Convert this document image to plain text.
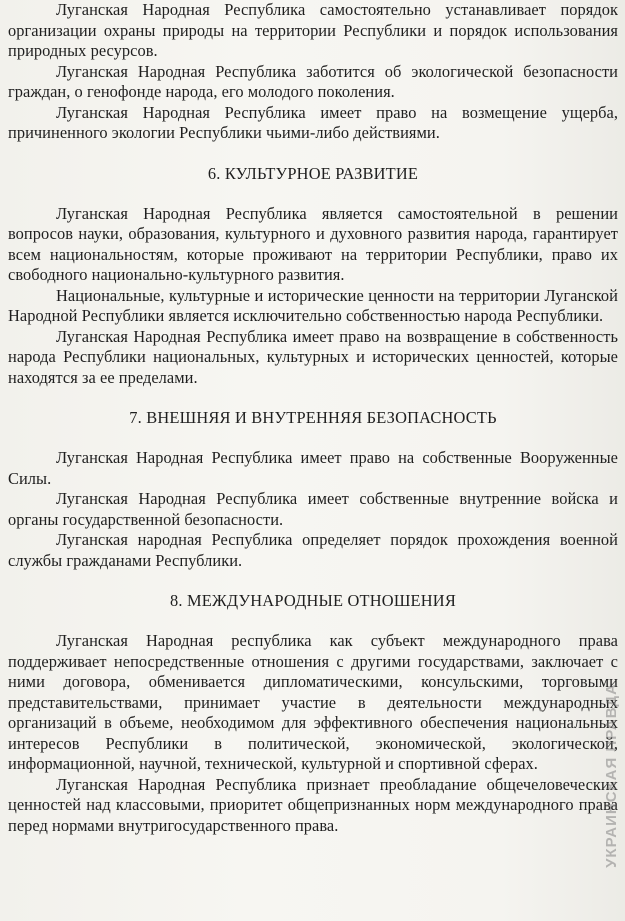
Луганская Народная Республика самостоятельно устанавливает порядок организации охраны природы на территории Республики и порядок использования природных ресурсов.

Луганская Народная Республика заботится об экологической безопасности граждан, о генофонде народа, его молодого поколения.

Луганская Народная Республика имеет право на возмещение ущерба, причиненного экологии Республики чьими-либо действиями.

6. КУЛЬТУРНОЕ РАЗВИТИЕ

Луганская Народная Республика является самостоятельной в решении вопросов науки, образования, культурного и духовного развития народа, гарантирует всем национальностям, которые проживают на территории Республики, право их свободного национально-культурного развития.

Национальные, культурные и исторические ценности на территории Луганской Народной Республики является исключительно собственностью народа Республики.

Луганская Народная Республика имеет право на возвращение в собственность народа Республики национальных, культурных и исторических ценностей, которые находятся за ее пределами.

7. ВНЕШНЯЯ И ВНУТРЕННЯЯ БЕЗОПАСНОСТЬ

Луганская Народная Республика имеет право на собственные Вооруженные Силы.

Луганская Народная Республика имеет собственные внутренние войска и органы государственной безопасности.

Луганская народная Республика определяет порядок прохождения военной службы гражданами Республики.

8. МЕЖДУНАРОДНЫЕ ОТНОШЕНИЯ

Луганская Народная республика как субъект международного права поддерживает непосредственные отношения с другими государствами, заключает с ними договора, обменивается дипломатическими, консульскими, торговыми представительствами, принимает участие в деятельности международных организаций в объеме, необходимом для эффективного обеспечения национальных интересов Республики в политической, экономической, экологической, информационной, научной, технической, культурной и спортивной сферах.

Луганская Народная Республика признает преобладание общечеловеческих ценностей над классовыми, приоритет общепризнанных норм международного права перед нормами внутригосударственного права.	УКРАИНСКАЯ ПРАВДА
